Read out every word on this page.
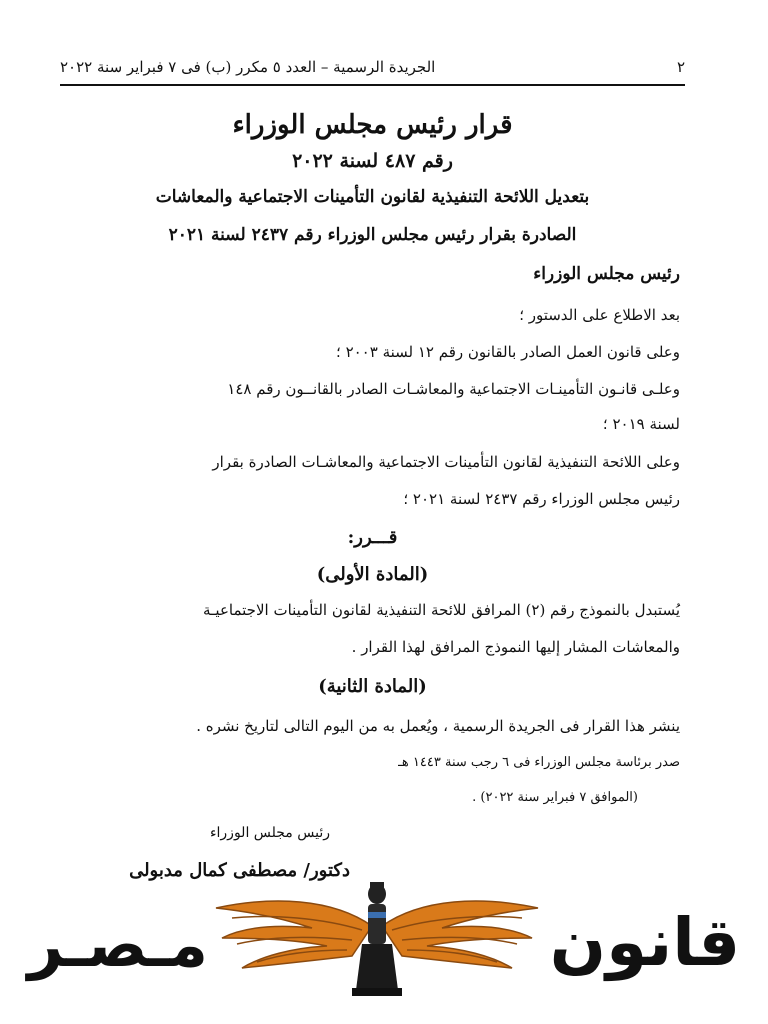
٢
الجريدة الرسمية – العدد ٥ مكرر (ب) فى ٧ فبراير سنة ٢٠٢٢
قرار رئيس مجلس الوزراء
رقم ٤٨٧ لسنة ٢٠٢٢
بتعديل اللائحة التنفيذية لقانون التأمينات الاجتماعية والمعاشات
الصادرة بقرار رئيس مجلس الوزراء رقم ٢٤٣٧ لسنة ٢٠٢١
رئيس مجلس الوزراء
بعد الاطلاع على الدستور ؛
وعلى قانون العمل الصادر بالقانون رقم ١٢ لسنة ٢٠٠٣ ؛
وعلـى قانـون التأمينـات الاجتماعية والمعاشـات الصادر بالقانــون رقم ١٤٨
لسنة ٢٠١٩ ؛
وعلى اللائحة التنفيذية لقانون التأمينات الاجتماعية والمعاشـات الصادرة بقرار
رئيس مجلس الوزراء رقم ٢٤٣٧ لسنة ٢٠٢١ ؛
قـــرر:
(المادة الأولى)
يُستبدل بالنموذج رقم (٢) المرافق للائحة التنفيذية لقانون التأمينات الاجتماعيـة
والمعاشات المشار إليها النموذج المرافق لهذا القرار .
(المادة الثانية)
ينشر هذا القرار فى الجريدة الرسمية ، ويُعمل به من اليوم التالى لتاريخ نشره .
صدر برئاسة مجلس الوزراء فى ٦ رجب سنة ١٤٤٣ هـ
(الموافق ٧ فبراير سنة ٢٠٢٢) .
رئيس مجلس الوزراء
دكتور/ مصطفى كمال مدبولى
مـصـر	قانون
